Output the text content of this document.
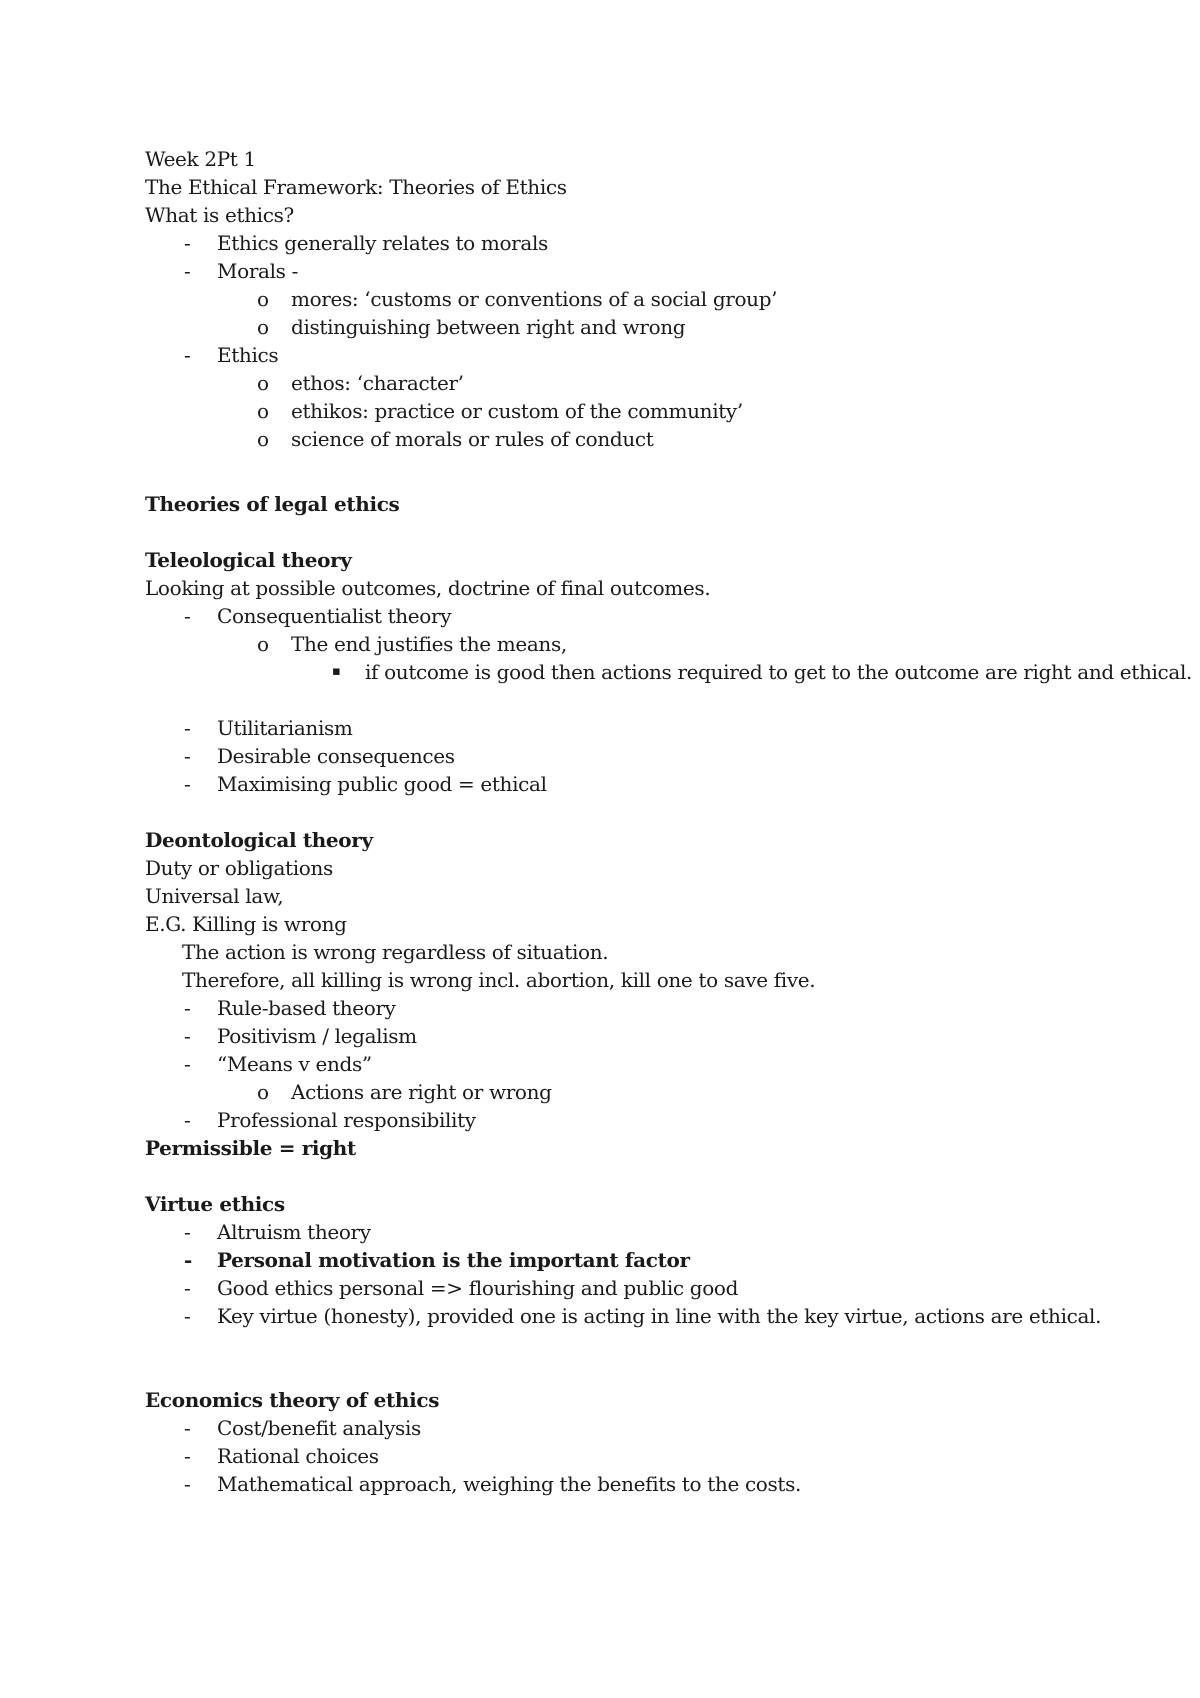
Week 2Pt 1
The Ethical Framework: Theories of Ethics
What is ethics?
- Ethics generally relates to morals
- Morals -
o mores: ‘customs or conventions of a social group’
o distinguishing between right and wrong
- Ethics
o ethos: ‘character’
o ethikos: practice or custom of the community’
o science of morals or rules of conduct
Theories of legal ethics
Teleological theory
Looking at possible outcomes, doctrine of final outcomes.
- Consequentialist theory
o The end justifies the means,
▪ if outcome is good then actions required to get to the outcome are right and ethical.
- Utilitarianism
- Desirable consequences
- Maximising public good = ethical
Deontological theory
Duty or obligations
Universal law,
E.G. Killing is wrong
The action is wrong regardless of situation.
Therefore, all killing is wrong incl. abortion, kill one to save five.
- Rule-based theory
- Positivism / legalism
- “Means v ends”
o Actions are right or wrong
- Professional responsibility
Permissible = right
Virtue ethics
- Altruism theory
- Personal motivation is the important factor
- Good ethics personal => flourishing and public good
- Key virtue (honesty), provided one is acting in line with the key virtue, actions are ethical.
Economics theory of ethics
- Cost/benefit analysis
- Rational choices
- Mathematical approach, weighing the benefits to the costs.
